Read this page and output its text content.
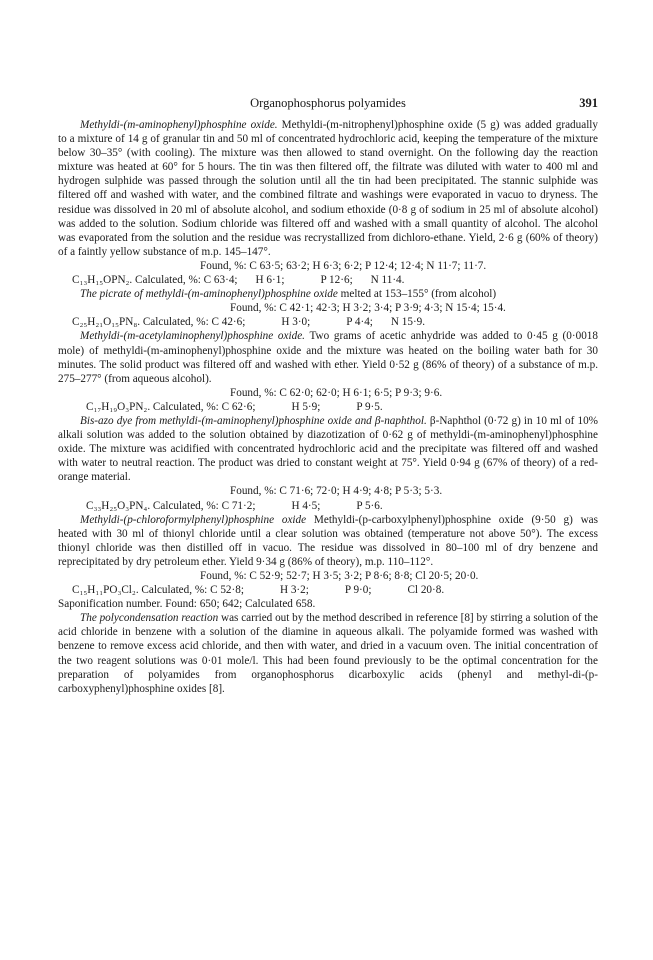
Organophosphorus polyamides	391

Methyldi-(m-aminophenyl)phosphine oxide. Methyldi-(m-nitrophenyl)phosphine oxide (5 g) was added gradually to a mixture of 14 g of granular tin and 50 ml of concentrated hydrochloric acid, keeping the temperature of the mixture below 30–35° (with cooling). The mixture was then allowed to stand overnight. On the following day the reaction mixture was heated at 60° for 5 hours. The tin was then filtered off, the filtrate was diluted with water to 400 ml and hydrogen sulphide was passed through the solution until all the tin had been precipitated. The stannic sulphide was filtered off and washed with water, and the combined filtrate and washings were evaporated in vacuo to dryness. The residue was dissolved in 20 ml of absolute alcohol, and sodium ethoxide (0·8 g of sodium in 25 ml of absolute alcohol) was added to the solution. Sodium chloride was filtered off and washed with a small quantity of alcohol. The alcohol was evaporated from the solution and the residue was recrystallized from dichloro-ethane. Yield, 2·6 g (60% of theory) of a faintly yellow substance of m.p. 145–147°.

Found, %: C 63·5; 63·2; H 6·3; 6·2; P 12·4; 12·4; N 11·7; 11·7.
C₁₃H₁₅OPN₂. Calculated, %: C 63·4; H 6·1;	P 12·6; N 11·4.

The picrate of methyldi-(m-aminophenyl)phosphine oxide melted at 153–155° (from alcohol)

Found, %: C 42·1; 42·3; H 3·2; 3·4; P 3·9; 4·3; N 15·4; 15·4.
C₂₅H₂₁O₁₅PN₈. Calculated, %: C 42·6;	H 3·0;	P 4·4; N 15·9.

Methyldi-(m-acetylaminophenyl)phosphine oxide. Two grams of acetic anhydride was added to 0·45 g (0·0018 mole) of methyldi-(m-aminophenyl)phosphine oxide and the mixture was heated on the boiling water bath for 30 minutes. The solid product was filtered off and washed with ether. Yield 0·52 g (86% of theory) of a substance of m.p. 275–277° (from aqueous alcohol).

Found, %: C 62·0; 62·0; H 6·1; 6·5; P 9·3; 9·6.
C₁₇H₁₉O₃PN₂. Calculated, %: C 62·6;	H 5·9;	P 9·5.

Bis-azo dye from methyldi-(m-aminophenyl)phosphine oxide and β-naphthol. β-Naphthol (0·72 g) in 10 ml of 10% alkali solution was added to the solution obtained by diazotization of 0·62 g of methyldi-(m-aminophenyl)phosphine oxide. The mixture was acidified with concentrated hydrochloric acid and the precipitate was filtered off and washed with water to neutral reaction. The product was dried to constant weight at 75°. Yield 0·94 g (67% of theory) of a red-orange material.

Found, %: C 71·6; 72·0; H 4·9; 4·8; P 5·3; 5·3.
C₃₃H₂₅O₃PN₄. Calculated, %: C 71·2;	H 4·5;	P 5·6.

Methyldi-(p-chloroformylphenyl)phosphine oxide Methyldi-(p-carboxylphenyl)phosphine oxide (9·50 g) was heated with 30 ml of thionyl chloride until a clear solution was obtained (temperature not above 50°). The excess thionyl chloride was then distilled off in vacuo. The residue was dissolved in 80–100 ml of dry benzene and reprecipitated by dry petroleum ether. Yield 9·34 g (86% of theory), m.p. 110–112°.

Found, %: C 52·9; 52·7; H 3·5; 3·2; P 8·6; 8·8; Cl 20·5; 20·0.
C₁₅H₁₁PO₃Cl₂. Calculated, %: C 52·8;	H 3·2;	P 9·0;	Cl 20·8.
Saponification number. Found: 650; 642; Calculated 658.

The polycondensation reaction was carried out by the method described in reference [8] by stirring a solution of the acid chloride in benzene with a solution of the diamine in aqueous alkali. The polyamide formed was washed with benzene to remove excess acid chloride, and then with water, and dried in a vacuum oven. The initial concentration of the two reagent solutions was 0·01 mole/l. This had been found previously to be the optimal concentration for the preparation of polyamides from organophosphorus dicarboxylic acids (phenyl and methyl-di-(p-carboxyphenyl)phosphine oxides [8].
